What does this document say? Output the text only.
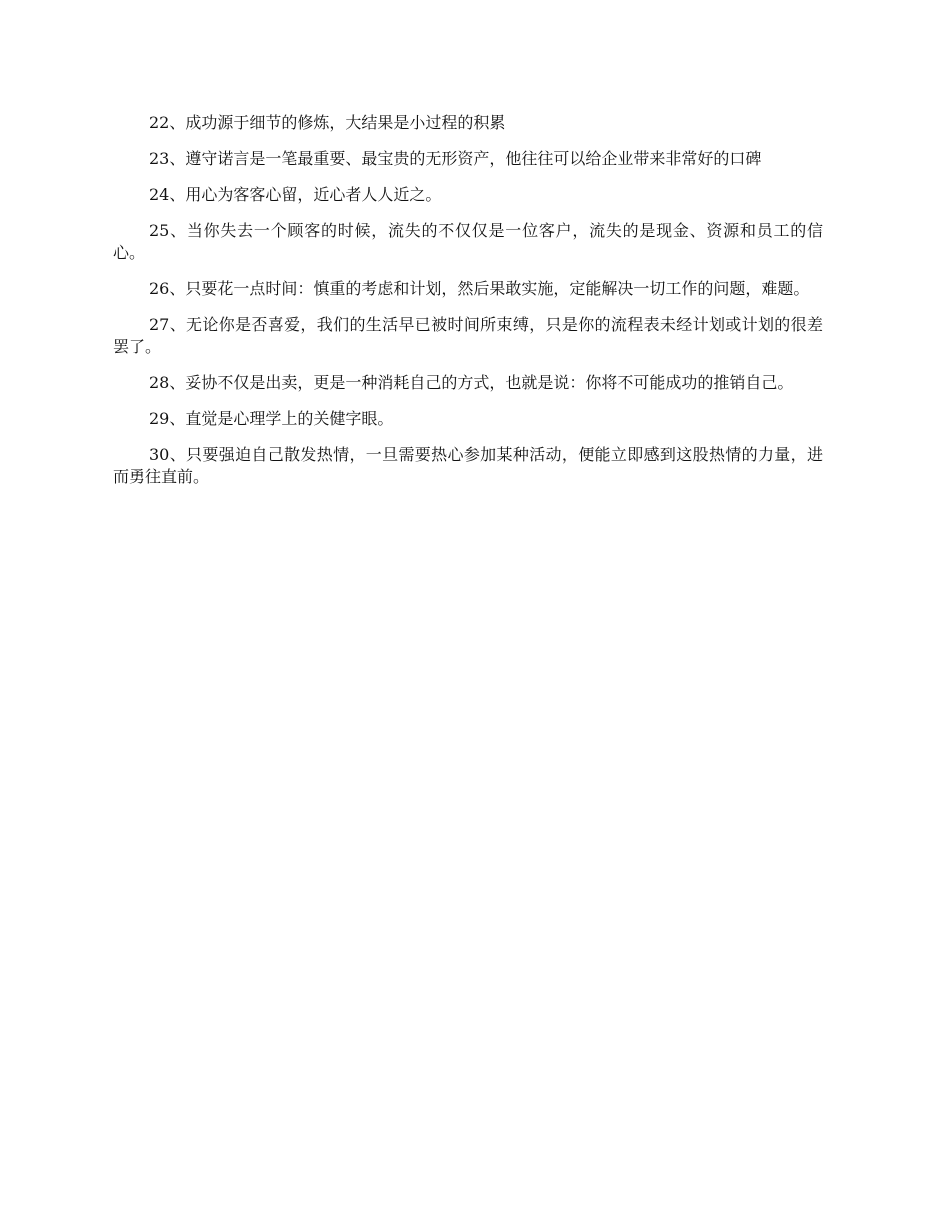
22、成功源于细节的修炼，大结果是小过程的积累

23、遵守诺言是一笔最重要、最宝贵的无形资产，他往往可以给企业带来非常好的口碑

24、用心为客客心留，近心者人人近之。

25、当你失去一个顾客的时候，流失的不仅仅是一位客户，流失的是现金、资源和员工的信心。

26、只要花一点时间：慎重的考虑和计划，然后果敢实施，定能解决一切工作的问题，难题。

27、无论你是否喜爱，我们的生活早已被时间所束缚，只是你的流程表未经计划或计划的很差罢了。

28、妥协不仅是出卖，更是一种消耗自己的方式，也就是说：你将不可能成功的推销自己。

29、直觉是心理学上的关健字眼。

30、只要强迫自己散发热情，一旦需要热心参加某种活动，便能立即感到这股热情的力量，进而勇往直前。
